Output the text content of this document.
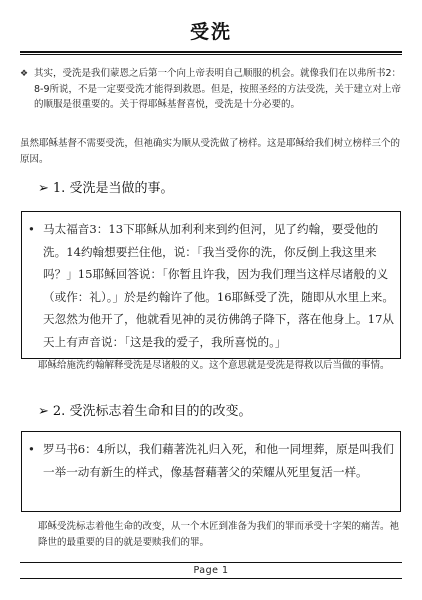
受洗
❖ 其实，受洗是我们蒙恩之后第一个向上帝表明自己顺服的机会。就像我们在以弗所书2：8-9所说，不是一定要受洗才能得到救恩。但是，按照圣经的方法受洗，关于建立对上帝的顺服是很重要的。关于得耶稣基督喜悦，受洗是十分必要的。
虽然耶稣基督不需要受洗，但祂确实为顺从受洗做了榜样。这是耶稣给我们树立榜样三个的原因。
➢ 1. 受洗是当做的事。
• 马太福音3：13下耶稣从加利利来到约但河，见了约翰，要受他的洗。14约翰想要拦住他，说：「我当受你的洗，你反倒上我这里来吗？」15耶稣回答说：「你暂且许我，因为我们理当这样尽诸般的义（或作：礼）。」於是约翰许了他。16耶稣受了洗，随即从水里上来。天忽然为他开了，他就看见神的灵彷佛鸽子降下，落在他身上。17从天上有声音说：「这是我的爱子，我所喜悦的。」
耶稣给施洗约翰解释受洗是尽诸般的义。这个意思就是受洗是得救以后当做的事情。
➢ 2. 受洗标志着生命和目的的改变。
• 罗马书6：4所以，我们藉著洗礼归入死，和他一同埋葬，原是叫我们一举一动有新生的样式，像基督藉著父的荣耀从死里复活一样。
耶稣受洗标志着他生命的改变，从一个木匠到准备为我们的罪而承受十字架的痛苦。祂降世的最重要的目的就是要赎我们的罪。
Page 1
